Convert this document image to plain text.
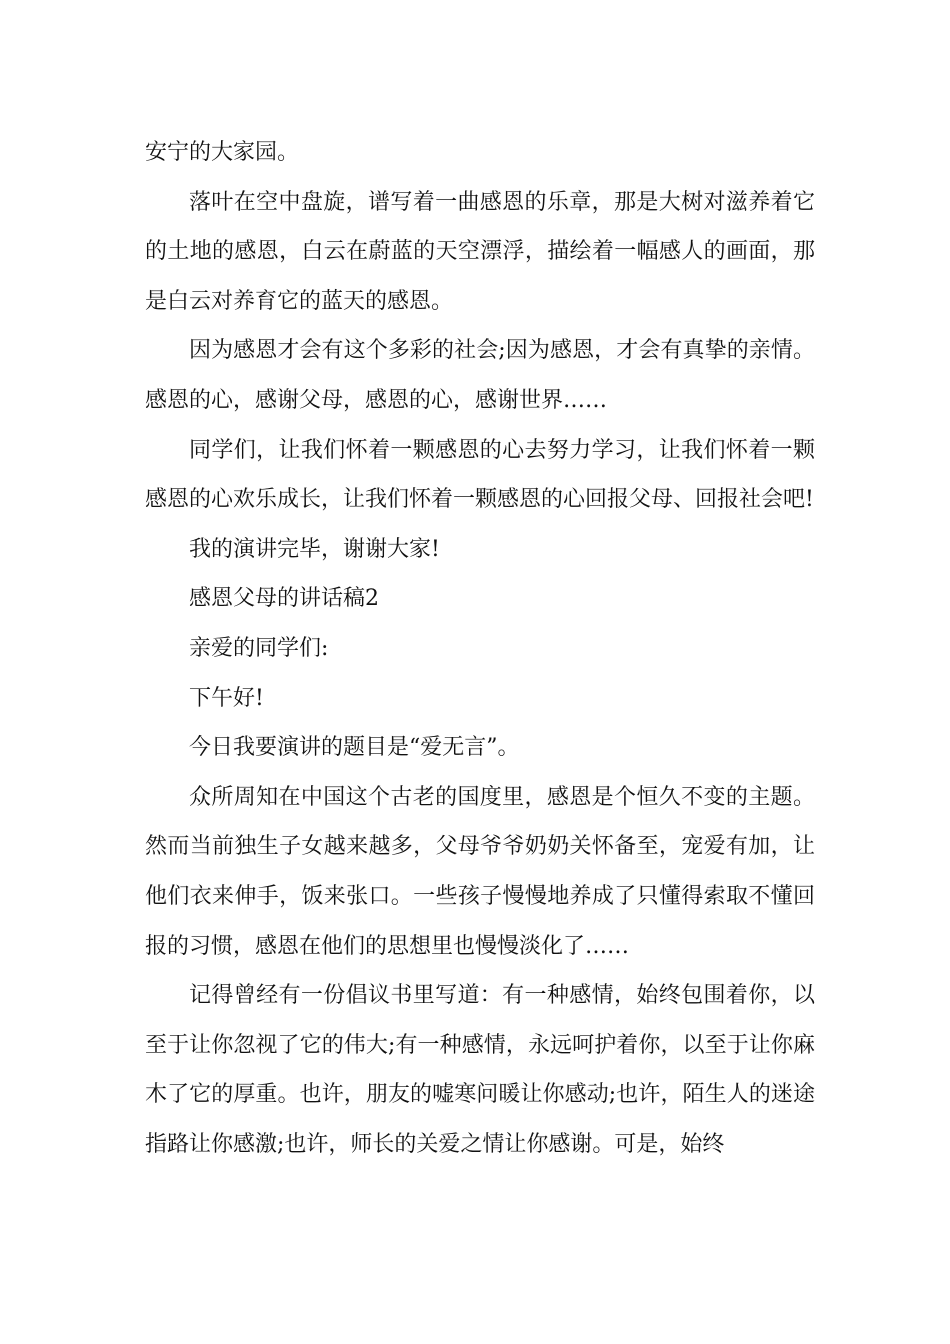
安宁的大家园。

落叶在空中盘旋，谱写着一曲感恩的乐章，那是大树对滋养着它的土地的感恩，白云在蔚蓝的天空漂浮，描绘着一幅感人的画面，那是白云对养育它的蓝天的感恩。

因为感恩才会有这个多彩的社会;因为感恩，才会有真挚的亲情。感恩的心，感谢父母，感恩的心，感谢世界……

同学们，让我们怀着一颗感恩的心去努力学习，让我们怀着一颗感恩的心欢乐成长，让我们怀着一颗感恩的心回报父母、回报社会吧!

我的演讲完毕，谢谢大家!

感恩父母的讲话稿2

亲爱的同学们:

下午好!

今日我要演讲的题目是“爱无言”。

众所周知在中国这个古老的国度里，感恩是个恒久不变的主题。然而当前独生子女越来越多，父母爷爷奶奶关怀备至，宠爱有加，让他们衣来伸手，饭来张口。一些孩子慢慢地养成了只懂得索取不懂回报的习惯，感恩在他们的思想里也慢慢淡化了……

记得曾经有一份倡议书里写道：有一种感情，始终包围着你，以至于让你忽视了它的伟大;有一种感情，永远呵护着你，以至于让你麻木了它的厚重。也许，朋友的嘘寒问暖让你感动;也许，陌生人的迷途指路让你感激;也许，师长的关爱之情让你感谢。可是，始终
